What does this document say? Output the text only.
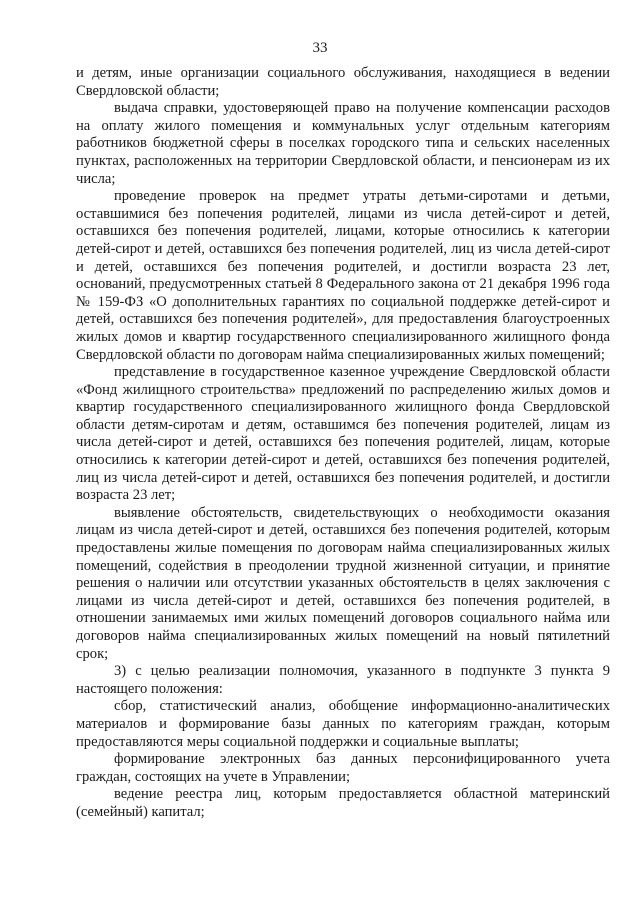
33

и детям, иные организации социального обслуживания, находящиеся в ведении Свердловской области;

выдача справки, удостоверяющей право на получение компенсации расходов на оплату жилого помещения и коммунальных услуг отдельным категориям работников бюджетной сферы в поселках городского типа и сельских населенных пунктах, расположенных на территории Свердловской области, и пенсионерам из их числа;

проведение проверок на предмет утраты детьми-сиротами и детьми, оставшимися без попечения родителей, лицами из числа детей-сирот и детей, оставшихся без попечения родителей, лицами, которые относились к категории детей-сирот и детей, оставшихся без попечения родителей, лиц из числа детей-сирот и детей, оставшихся без попечения родителей, и достигли возраста 23 лет, оснований, предусмотренных статьей 8 Федерального закона от 21 декабря 1996 года № 159-ФЗ «О дополнительных гарантиях по социальной поддержке детей-сирот и детей, оставшихся без попечения родителей», для предоставления благоустроенных жилых домов и квартир государственного специализированного жилищного фонда Свердловской области по договорам найма специализированных жилых помещений;

представление в государственное казенное учреждение Свердловской области «Фонд жилищного строительства» предложений по распределению жилых домов и квартир государственного специализированного жилищного фонда Свердловской области детям-сиротам и детям, оставшимся без попечения родителей, лицам из числа детей-сирот и детей, оставшихся без попечения родителей, лицам, которые относились к категории детей-сирот и детей, оставшихся без попечения родителей, лиц из числа детей-сирот и детей, оставшихся без попечения родителей, и достигли возраста 23 лет;

выявление обстоятельств, свидетельствующих о необходимости оказания лицам из числа детей-сирот и детей, оставшихся без попечения родителей, которым предоставлены жилые помещения по договорам найма специализированных жилых помещений, содействия в преодолении трудной жизненной ситуации, и принятие решения о наличии или отсутствии указанных обстоятельств в целях заключения с лицами из числа детей-сирот и детей, оставшихся без попечения родителей, в отношении занимаемых ими жилых помещений договоров социального найма или договоров найма специализированных жилых помещений на новый пятилетний срок;

3) с целью реализации полномочия, указанного в подпункте 3 пункта 9 настоящего положения:

сбор, статистический анализ, обобщение информационно-аналитических материалов и формирование базы данных по категориям граждан, которым предоставляются меры социальной поддержки и социальные выплаты;

формирование электронных баз данных персонифицированного учета граждан, состоящих на учете в Управлении;

ведение реестра лиц, которым предоставляется областной материнский (семейный) капитал;
